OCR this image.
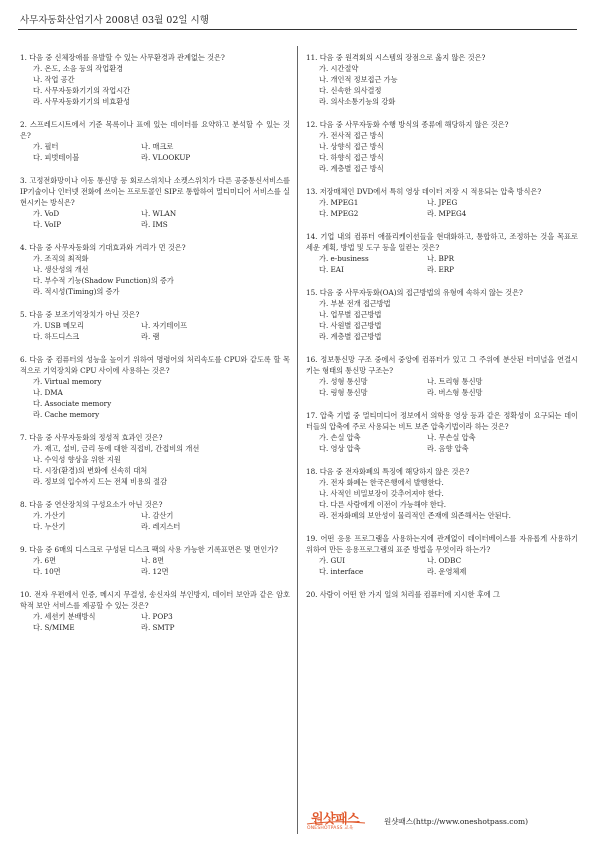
사무자동화산업기사 2008년 03월 02일 시행
1. 다음 중 신체장애를 유발할 수 있는 사무환경과 관계없는 것은?
가. 온도, 소음 등의 작업환경
나. 작업 공간
다. 사무자동화기기의 작업시간
라. 사무자동화기기의 비효환성
2. 스프레드시트에서 기준 목록이나 표에 있는 데이터를 요약하고 분석할 수 있는 것은?
가. 필터	나. 매크로
다. 피벗테이블	라. VLOOKUP
3. 고정전화망이나 이동 통신망 등 회로스위치나 소켓스위치가 다른 공중통신서비스를 IP기술이나 인터넷 전화에 쓰이는 프로토콜인 SIP로 통합하여 멀티미디어 서비스를 실현시키는 방식은?
가. VoD	나. WLAN
다. VoIP	라. IMS
4. 다음 중 사무자동화의 기대효과와 거리가 먼 것은?
가. 조직의 최적화
나. 생산성의 개선
다. 부수적 기능(Shadow Function)의 증가
라. 적시성(Timing)의 증가
5. 다음 중 보조기억장치가 아닌 것은?
가. USB 메모리	나. 자기테이프
다. 하드디스크	라. 램
6. 다음 중 컴퓨터의 성능을 높이기 위하여 명령어의 처리속도를 CPU와 같도록 할 목적으로 기억장치와 CPU 사이에 사용하는 것은?
가. Virtual memory
나. DMA
다. Associate memory
라. Cache memory
7. 다음 중 사무자동화의 정성적 효과인 것은?
가. 재고, 설비, 금리 등에 대한 직접비, 간접비의 개선
나. 수익성 향상을 위한 지원
다. 시장(환경)의 변화에 신속히 대처
라. 정보의 입수까지 드는 전체 비용의 절감
8. 다음 중 연산장치의 구성요소가 아닌 것은?
가. 가산기	나. 감산기
다. 누산기	라. 레지스터
9. 다음 중 6매의 디스크로 구성된 디스크 팩의 사용 가능한 기록표면은 몇 면인가?
가. 6면	나. 8면
다. 10면	라. 12면
10. 전자 우편에서 인증, 메시지 무결성, 송신자의 부인방지, 데이터 보안과 같은 암호학적 보안 서비스를 제공할 수 있는 것은?
가. 세션키 분배방식	나. POP3
다. S/MIME	라. SMTP
11. 다음 중 원격회의 시스템의 장점으로 옳지 않은 것은?
가. 시간절약
나. 개인적 정보접근 가능
다. 신속한 의사결정
라. 의사소통기능의 강화
12. 다음 중 사무자동화 수행 방식의 종류에 해당하지 않은 것은?
가. 전사적 접근 방식
나. 상향식 접근 방식
다. 하향식 접근 방식
라. 계층별 접근 방식
13. 저장매체인 DVD에서 특히 영상 데이터 저장 시 적용되는 압축 방식은?
가. MPEG1	나. JPEG
다. MPEG2	라. MPEG4
14. 기업 내의 컴퓨터 애플리케이션들을 현대화하고, 통합하고, 조정하는 것을 목표로 세운 계획, 방법 및 도구 등을 일컫는 것은?
가. e-business	나. BPR
다. EAI	라. ERP
15. 다음 중 사무자동화(OA)의 접근방법의 유형에 속하지 않는 것은?
가. 부분 전개 접근방법
나. 업무별 접근방법
다. 사원별 접근방법
라. 계층별 접근방법
16. 정보통신망 구조 중에서 중앙에 컴퓨터가 있고 그 주위에 분산된 터미널을 연결시키는 형태의 통신망 구조는?
가. 성형 통신망	나. 트리형 통신망
다. 링형 통신망	라. 버스형 통신망
17. 압축 기법 중 멀티미디어 정보에서 의학용 영상 등과 같은 정확성이 요구되는 데이터들의 압축에 주로 사용되는 비트 보존 압축기법이라 하는 것은?
가. 손실 압축	나. 무손실 압축
다. 영상 압축	라. 음향 압축
18. 다음 중 전자화폐의 특징에 해당하지 않은 것은?
가. 전자 화폐는 한국은행에서 발행한다.
나. 사적인 비밀보장이 갖추어져야 한다.
다. 다른 사람에게 이전이 가능해야 한다.
라. 전자화폐의 보안성이 물리적인 존재에 의존해서는 안된다.
19. 어떤 응용 프로그램을 사용하는지에 관계없이 데이터베이스를 자유롭게 사용하기 위하여 만든 응용프로그램의 표준 방법을 무엇이라 하는가?
가. GUI	나. ODBC
다. interface	라. 운영체제
20. 사람이 어떤 한 가지 일의 처리를 컴퓨터에 지시한 후에 그
원샷패스
ONESHOTPASS 교육
원샷패스(http://www.oneshotpass.com)
